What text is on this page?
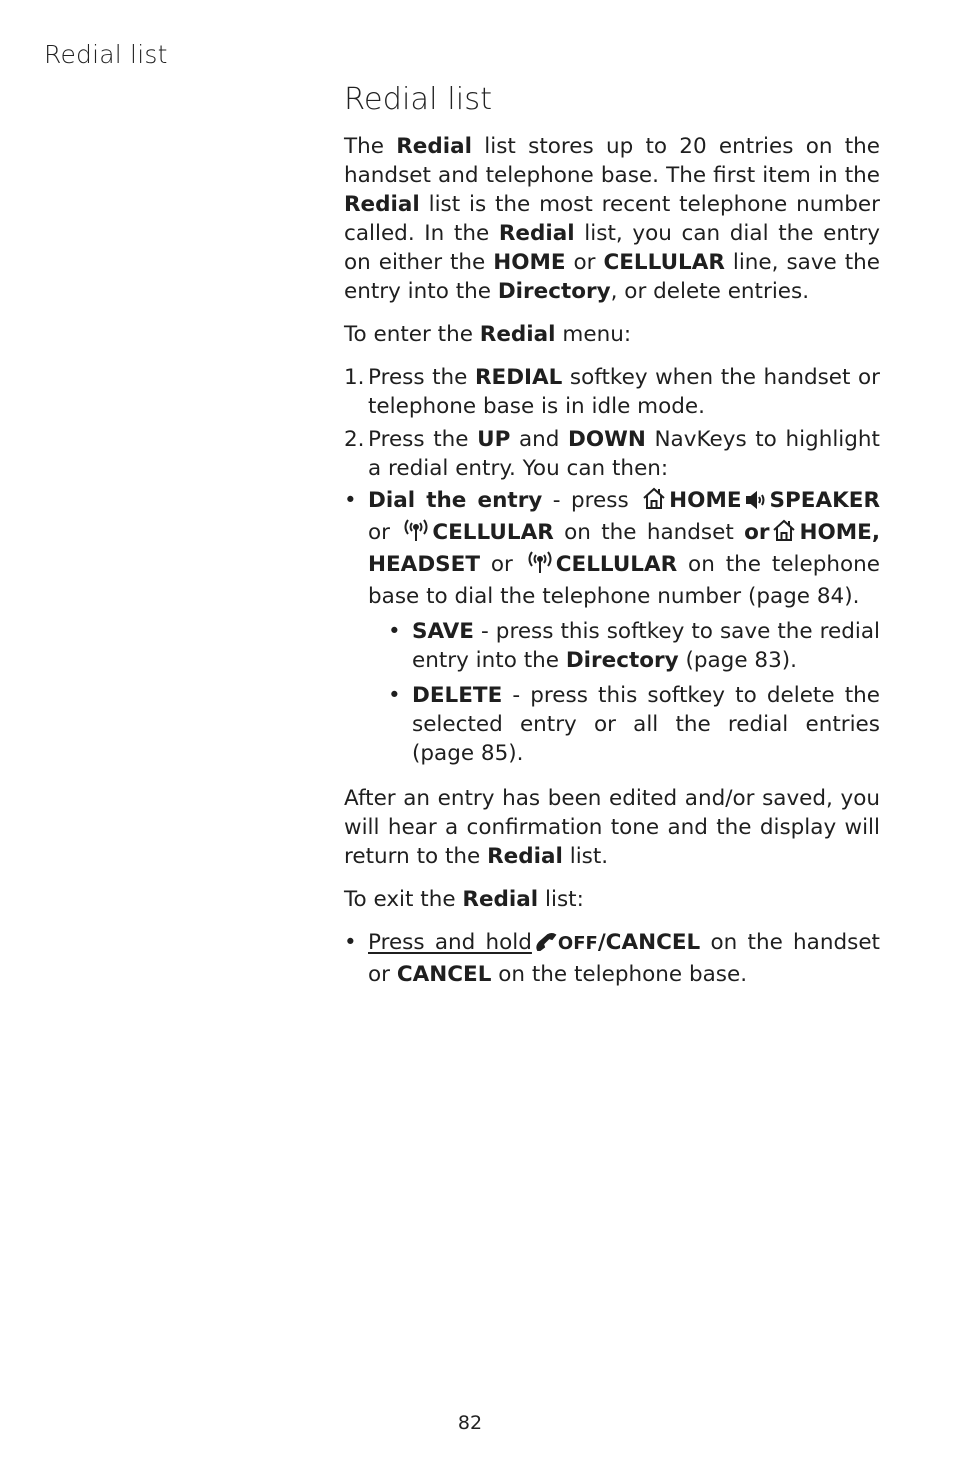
Redial list
Redial list

The Redial list stores up to 20 entries on the handset and telephone base. The first item in the Redial list is the most recent telephone number called. In the Redial list, you can dial the entry on either the HOME or CELLULAR line, save the entry into the Directory, or delete entries.

To enter the Redial menu:

1. Press the REDIAL softkey when the handset or telephone base is in idle mode.
2. Press the UP and DOWN NavKeys to highlight a redial entry. You can then:
• Dial the entry - press HOME SPEAKER or CELLULAR on the handset or HOME, HEADSET or CELLULAR on the telephone base to dial the telephone number (page 84).
• SAVE - press this softkey to save the redial entry into the Directory (page 83).
• DELETE - press this softkey to delete the selected entry or all the redial entries (page 85).

After an entry has been edited and/or saved, you will hear a confirmation tone and the display will return to the Redial list.

To exit the Redial list:

• Press and hold OFF/CANCEL on the handset or CANCEL on the telephone base.
82
